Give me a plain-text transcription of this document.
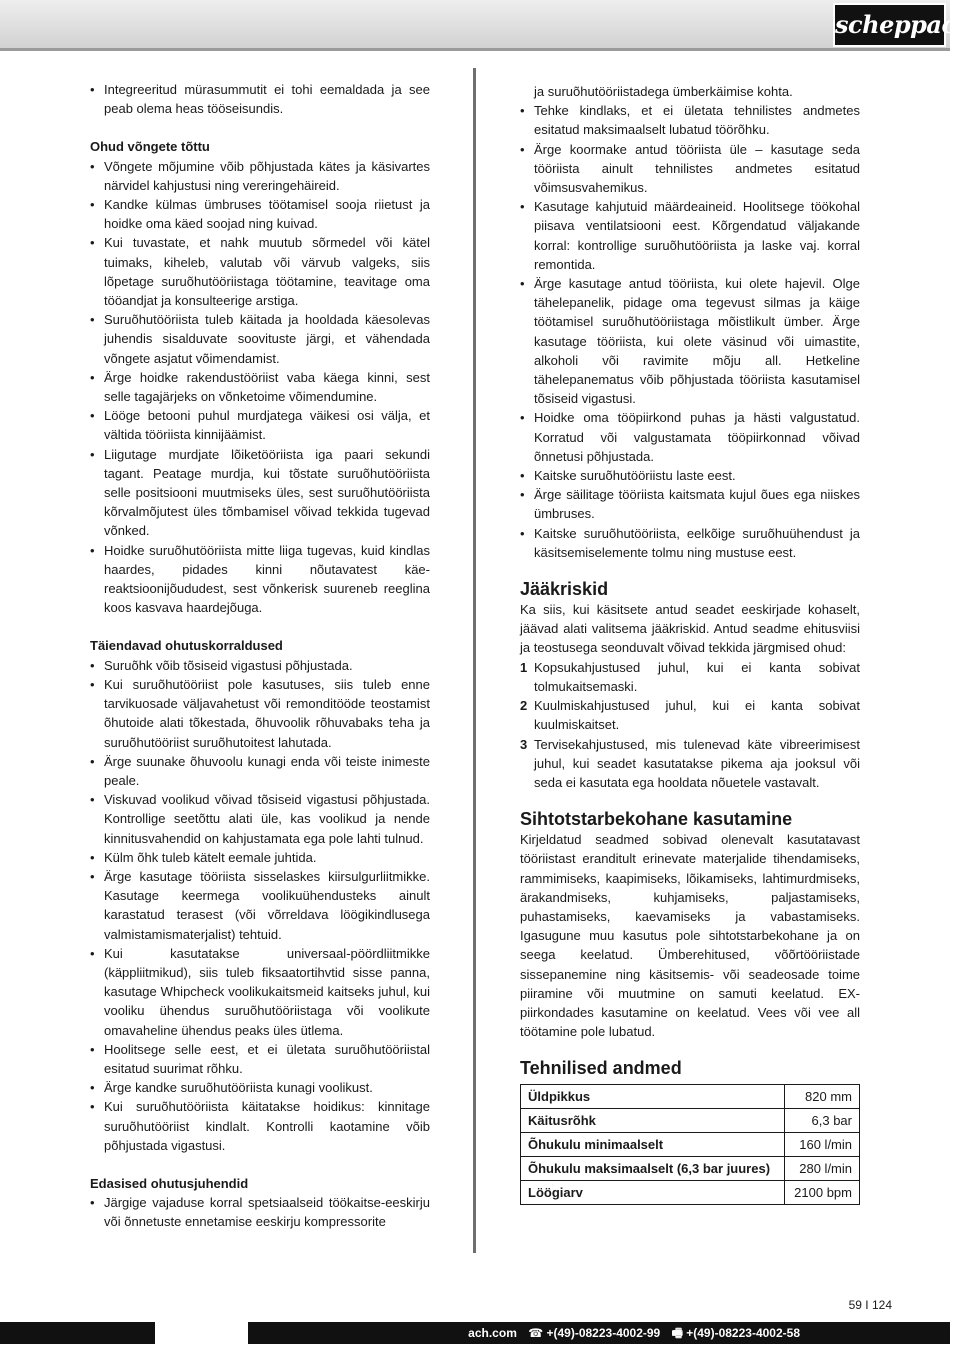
scheppach
• Integreeritud mürasummutit ei tohi eemaldada ja see peab olema heas tööseisundis.

Ohud võngete tõttu

• Võngete mõjumine võib põhjustada kätes ja käsivartes närvidel kahjustusi ning vereringehäireid.
• Kandke külmas ümbruses töötamisel sooja riietust ja hoidke oma käed soojad ning kuivad.
• Kui tuvastate, et nahk muutub sõrmedel või kätel tuimaks, kiheleb, valutab või värvub valgeks, siis lõpetage suruõhutööriistaga töötamine, teavitage oma tööandjat ja konsulteerige arstiga.
• Suruõhutööriista tuleb käitada ja hooldada käesolevas juhendis sisalduvate soovituste järgi, et vähendada võngete asjatut võimendamist.
• Ärge hoidke rakendustööriist vaba käega kinni, sest selle tagajärjeks on võnketoime võimendumine.
• Lööge betooni puhul murdjatega väikesi osi välja, et vältida tööriista kinnijäämist.
• Liigutage murdjate lõiketööriista iga paari sekundi tagant. Peatage murdja, kui tõstate suruõhutööriista selle positsiooni muutmiseks üles, sest suruõhutööriista kõrvalmõjutest üles tõmbamisel võivad tekkida tugevad võnked.
• Hoidke suruõhutööriista mitte liiga tugevas, kuid kindlas haardes, pidades kinni nõutavatest käe-reaktsioonijõududest, sest võnkerisk suureneb reeglina koos kasvava haardejõuga.

Täiendavad ohutuskorraldused

• Suruõhk võib tõsiseid vigastusi põhjustada.
• Kui suruõhutööriist pole kasutuses, siis tuleb enne tarvikuosade väljavahetust või remonditööde teostamist õhutoide alati tõkestada, õhuvoolik rõhuvabaks teha ja suruõhutööriist suruõhutoitest lahutada.
• Ärge suunake õhuvoolu kunagi enda või teiste inimeste peale.
• Viskuvad voolikud võivad tõsiseid vigastusi põhjustada. Kontrollige seetõttu alati üle, kas voolikud ja nende kinnitusvahendid on kahjustamata ega pole lahti tulnud.
• Külm õhk tuleb kätelt eemale juhtida.
• Ärge kasutage tööriista sisselaskes kiirsulgurliitmikke. Kasutage keermega voolikuühendusteks ainult karastatud terasest (või võrreldava löögikindlusega valmistamismaterjalist) tehtuid.
• Kui kasutatakse universaal-pöördliitmikke (käppliitmikud), siis tuleb fiksaatortihvtid sisse panna, kasutage Whipcheck voolikukaitsmeid kaitseks juhul, kui vooliku ühendus suruõhutööriistaga või voolikute omavaheline ühendus peaks üles ütlema.
• Hoolitsege selle eest, et ei ületata suruõhutööriistal esitatud suurimat rõhku.
• Ärge kandke suruõhutööriista kunagi voolikust.
• Kui suruõhutööriista käitatakse hoidikus: kinnitage suruõhutööriist kindlalt. Kontrolli kaotamine võib põhjustada vigastusi.

Edasised ohutusjuhendid

• Järgige vajaduse korral spetsiaalseid töökaitse-eeskirju või õnnetuste ennetamise eeskirju kompressorite

ja suruõhutööriistadega ümberkäimise kohta.

• Tehke kindlaks, et ei ületata tehnilistes andmetes esitatud maksimaalselt lubatud töörõhku.
• Ärge koormake antud tööriista üle – kasutage seda tööriista ainult tehnilistes andmetes esitatud võimsusvahemikus.
• Kasutage kahjutuid määrdeaineid. Hoolitsege töökohal piisava ventilatsiooni eest. Kõrgendatud väljakande korral: kontrollige suruõhutööriista ja laske vaj. korral remontida.
• Ärge kasutage antud tööriista, kui olete hajevil. Olge tähelepanelik, pidage oma tegevust silmas ja käige töötamisel suruõhutööriistaga mõistlikult ümber. Ärge kasutage tööriista, kui olete väsinud või uimastite, alkoholi või ravimite mõju all. Hetkeline tähelepanematus võib põhjustada tööriista kasutamisel tõsiseid vigastusi.
• Hoidke oma tööpiirkond puhas ja hästi valgustatud. Korratud või valgustamata tööpiirkonnad võivad õnnetusi põhjustada.
• Kaitske suruõhutööriistu laste eest.
• Ärge säilitage tööriista kaitsmata kujul õues ega niiskes ümbruses.
• Kaitske suruõhutööriista, eelkõige suruõhuühendust ja käsitsemiselemente tolmu ning mustuse eest.
Jääkriskid

Ka siis, kui käsitsete antud seadet eeskirjade kohaselt, jäävad alati valitsema jääkriskid. Antud seadme ehitusviisi ja teostusega seonduvalt võivad tekkida järgmised ohud:

1 Kopsukahjustused juhul, kui ei kanta sobivat tolmukaitsemaski.
2 Kuulmiskahjustused juhul, kui ei kanta sobivat kuulmiskaitset.
3 Tervisekahjustused, mis tulenevad käte vibreerimisest juhul, kui seadet kasutatakse pikema aja jooksul või seda ei kasutata ega hooldata nõuetele vastavalt.
Sihtotstarbekohane kasutamine

Kirjeldatud seadmed sobivad olenevalt kasutatavast tööriistast eranditult erinevate materjalide tihendamiseks, rammimiseks, kaapimiseks, lõikamiseks, lahtimurdmiseks, ärakandmiseks, kuhjamiseks, paljastamiseks, puhastamiseks, kaevamiseks ja vabastamiseks. Igasugune muu kasutus pole sihtotstarbekohane ja on seega keelatud. Ümberehitused, võõrtööriistade sissepanemine ning käsitsemis- või seadeosade toime piiramine või muutmine on samuti keelatud. EX-piirkondades kasutamine on keelatud. Vees või vee all töötamine pole lubatud.

Tehnilised andmed
Üldpikkus	820 mm
Käitusrõhk	6,3 bar
Õhukulu minimaalselt	160 l/min
Õhukulu maksimaalselt (6,3 bar juures)	280 l/min
Löögiarv	2100 bpm
59 I 124
ach.com ☎ +(49)-08223-4002-99 🖷 +(49)-08223-4002-58
